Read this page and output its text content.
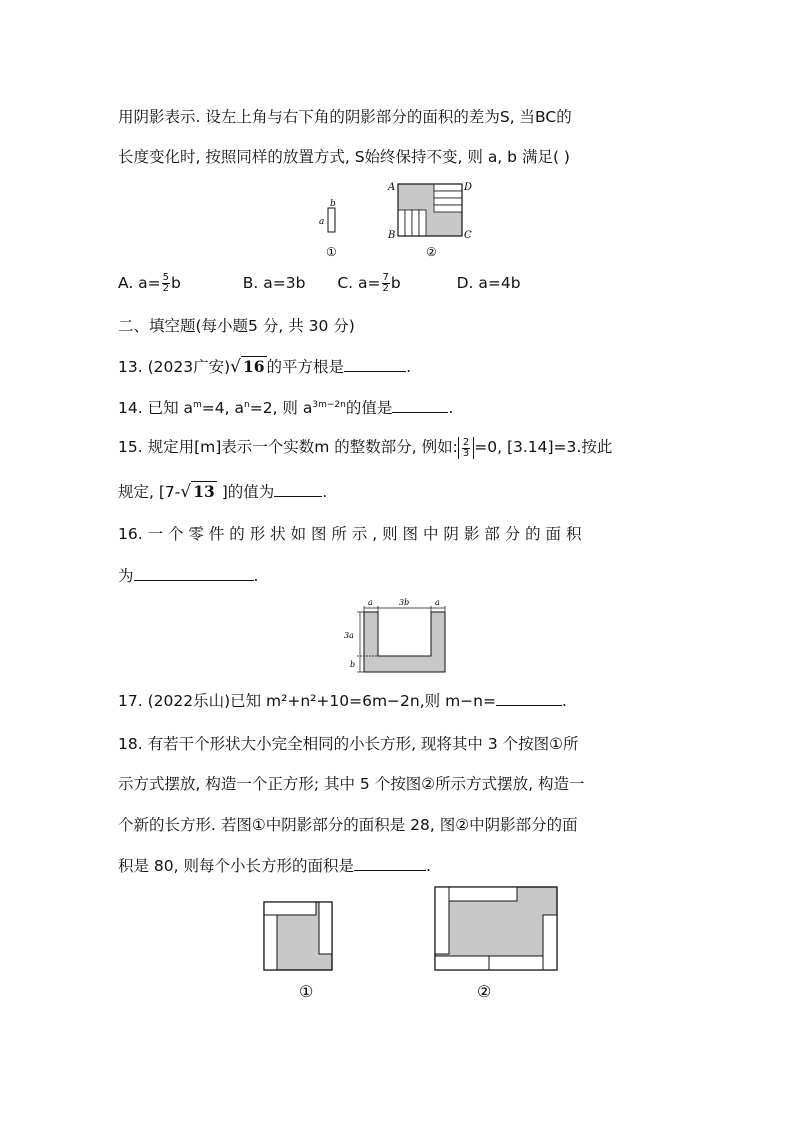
用阴影表示. 设左上角与右下角的阴影部分的面积的差为S, 当BC的
长度变化时, 按照同样的放置方式, S始终保持不变, 则 a, b 满足( )
a
b
①
A	D
B	C
②
A. $a= \frac{5}{2}$ b	B. a=3b C. $a= \frac{7}{2}$ b	D. a=4b
二、填空题(每小题5 分, 共 30 分)
13. (2023广安)√ 16 的平方根是	.
14. 已知 $a^m=4$, $a^n=2$, 则 $a^{3m-2n}$的值是	.
15. 规定用[m]表示一个实数m 的整数部分, 例如: $\frac{2}{3} =0$, [3.14]=3.按此
规定, [7-√ 13 ]的值为	.
16. 一 个 零 件 的 形 状 如 图 所 示 , 则 图 中 阴 影 部 分 的 面 积
为	.
a	3b	a
3a
b
17. (2022乐山)已知 m²+n²+10=6m−2n,则 m−n=	.
18. 有若干个形状大小完全相同的小长方形, 现将其中 3 个按图①所
示方式摆放, 构造一个正方形; 其中 5 个按图②所示方式摆放, 构造一
个新的长方形. 若图①中阴影部分的面积是 28, 图②中阴影部分的面
积是 80, 则每个小长方形的面积是	.
①	②
